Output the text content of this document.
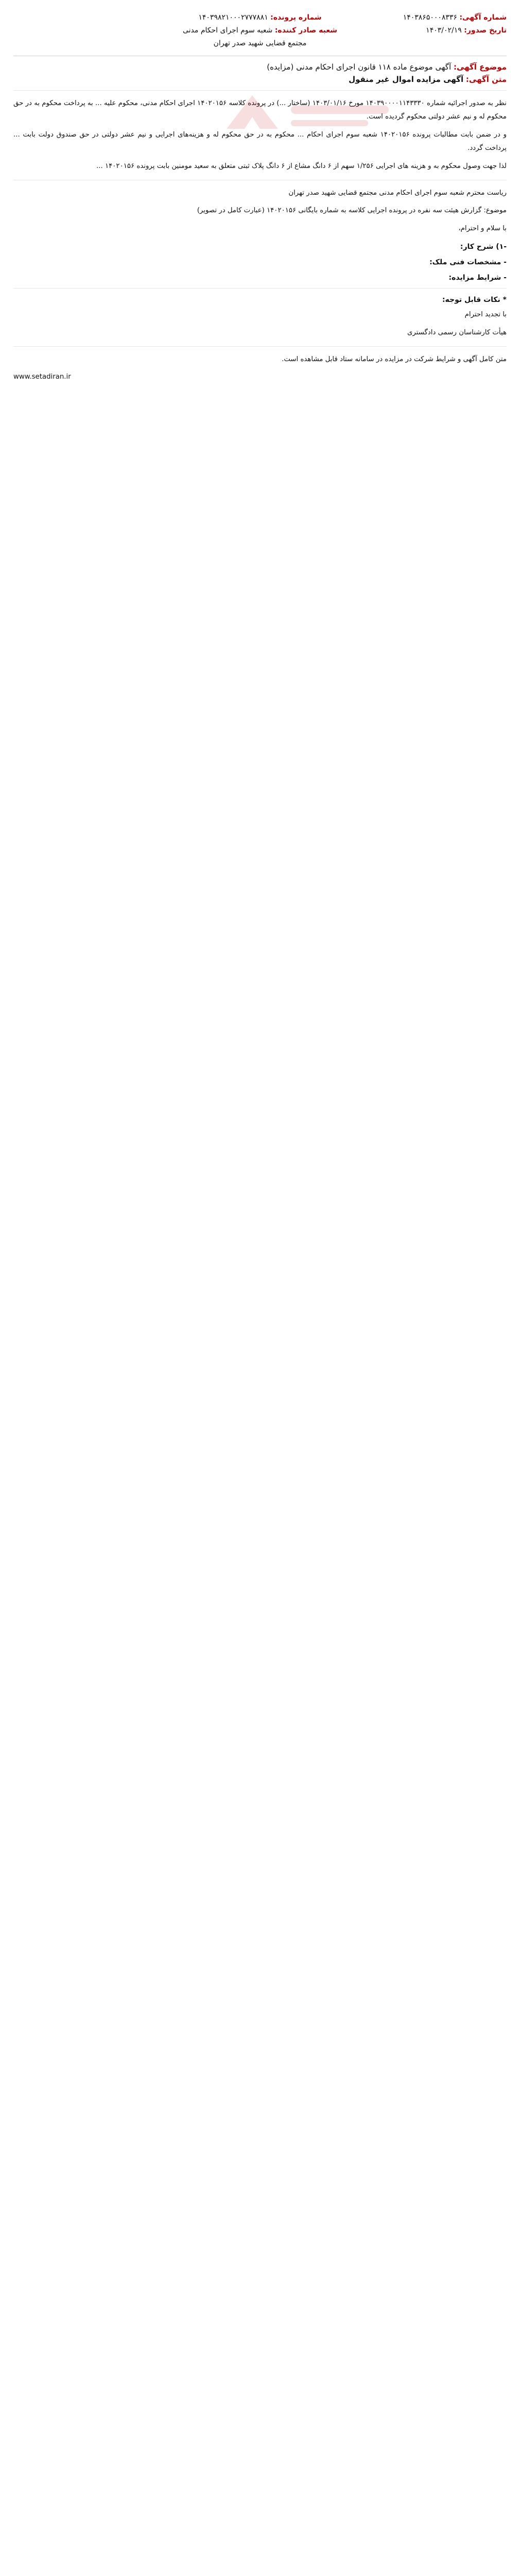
شماره آگهی: ۱۴۰۳۸۶۵۰۰۰۸۳۳۶
تاریخ صدور: ۱۴۰۳/۰۲/۱۹
شماره پرونده: ۱۴۰۳۹۸۲۱۰۰۰۲۷۷۷۸۸۱
شعبه صادر کننده: شعبه سوم اجرای احکام مدنی مجتمع قضایی شهید صدر تهران
موضوع آگهی: آگهی موضوع ماده ۱۱۸ قانون اجرای احکام مدنی (مزایده)
متن آگهی: آگهی مزایده اموال غیر منقول
نظر به صدور اجرائیه شماره ۱۴۰۳۹۰۰۰۰۱۱۴۳۳۳۰ مورخ ۱۴۰۳/۰۱/۱۶ (ساختار ...) در پرونده کلاسه ۱۴۰۲۰۱۵۶ اجرای احکام مدنی، محکوم علیه ... به پرداخت محکوم به در حق محکوم له و نیم عشر دولتی محکوم گردیده است.
و در ضمن بابت مطالبات پرونده ۱۴۰۲۰۱۵۶ شعبه سوم اجرای احکام ... محکوم به در حق محکوم له و هزینه‌های اجرایی و نیم عشر دولتی در حق صندوق دولت بابت ... پرداخت گردد.
لذا جهت وصول محکوم به و هزینه های اجرایی ۱/۲۵۶ سهم از ۶ دانگ مشاع از ۶ دانگ پلاک ثبتی متعلق به سعید مومنین بابت پرونده ۱۴۰۲۰۱۵۶ ...
ریاست محترم شعبه سوم اجرای احکام مدنی مجتمع قضایی شهید صدر تهران
موضوع: گزارش هیئت سه نفره در پرونده اجرایی کلاسه به شماره بایگانی ۱۴۰۲۰۱۵۶ (عبارت کامل در تصویر)
با سلام و احترام،
-۱) شرح کار:
- مشخصات فنی ملک:
- شرایط مزایده:
* نکات قابل توجه:
با تجدید احترام
هیأت کارشناسان رسمی دادگستری
متن کامل آگهی و شرایط شرکت در مزایده در سامانه ستاد قابل مشاهده است.
www.setadiran.ir
